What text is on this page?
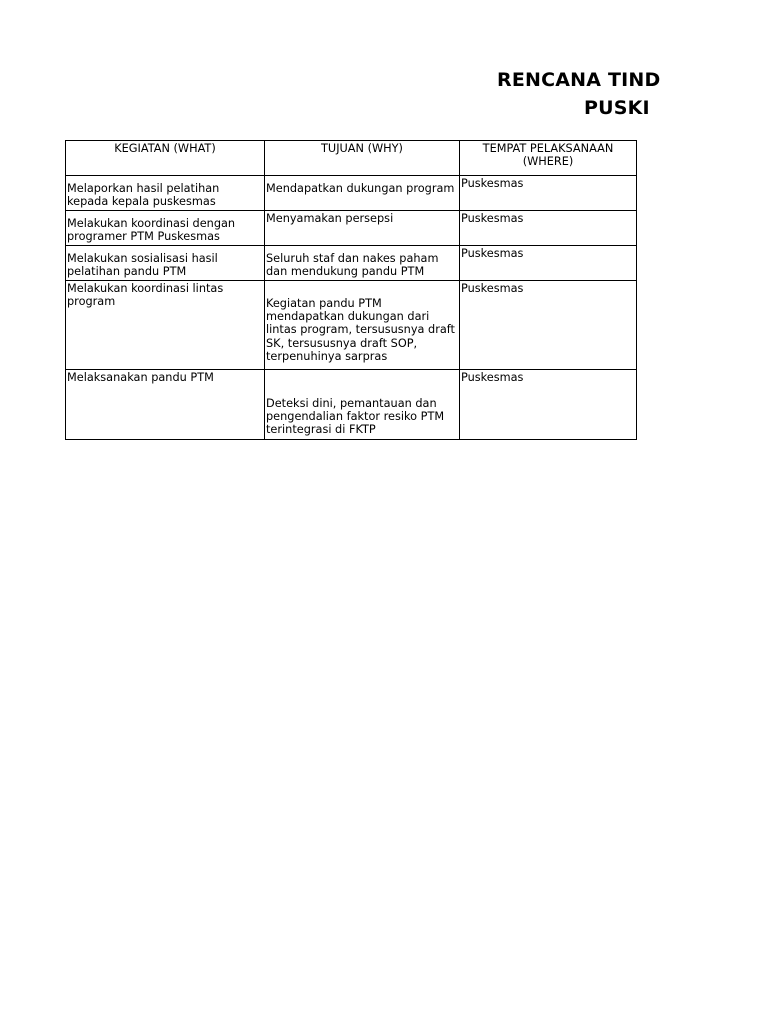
RENCANA TIND
PUSKI
KEGIATAN (WHAT)	TUJUAN (WHY)	TEMPAT PELAKSANAAN (WHERE)
Melaporkan hasil pelatihan kepada kepala puskesmas	Mendapatkan dukungan program	Puskesmas
Melakukan koordinasi dengan programer PTM Puskesmas	Menyamakan persepsi	Puskesmas
Melakukan sosialisasi hasil pelatihan pandu PTM	Seluruh staf dan nakes paham dan mendukung pandu PTM	Puskesmas
Melakukan koordinasi lintas program	Kegiatan pandu PTM mendapatkan dukungan dari lintas program, tersususnya draft SK, tersususnya draft SOP, terpenuhinya sarpras	Puskesmas
Melaksanakan pandu PTM	Deteksi dini, pemantauan dan pengendalian faktor resiko PTM terintegrasi di FKTP	Puskesmas
